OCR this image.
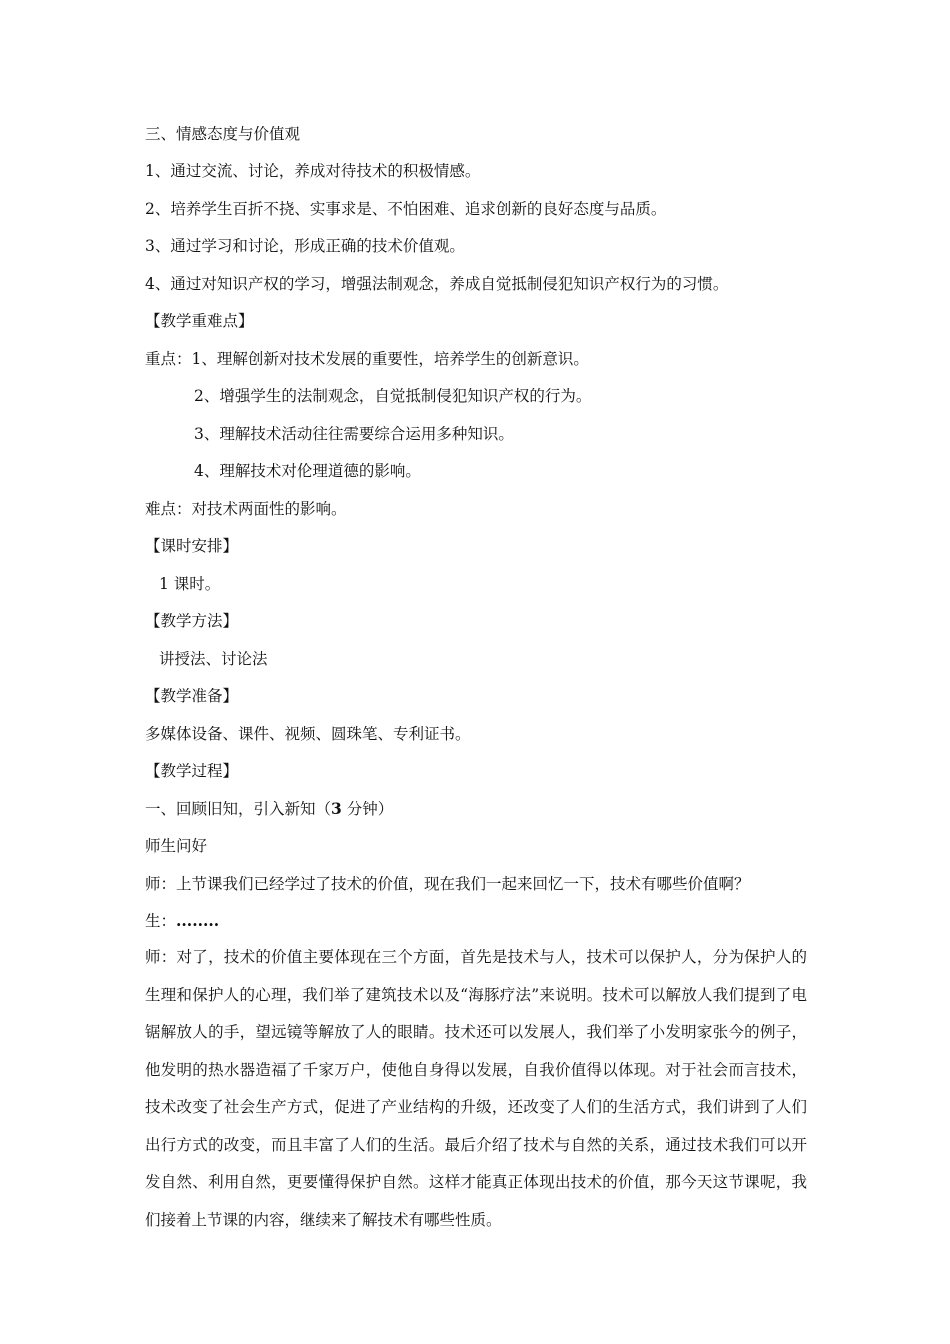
三、情感态度与价值观
1、通过交流、讨论，养成对待技术的积极情感。
2、培养学生百折不挠、实事求是、不怕困难、追求创新的良好态度与品质。
3、通过学习和讨论，形成正确的技术价值观。
4、通过对知识产权的学习，增强法制观念，养成自觉抵制侵犯知识产权行为的习惯。
【教学重难点】
重点：1、理解创新对技术发展的重要性，培养学生的创新意识。
2、增强学生的法制观念，自觉抵制侵犯知识产权的行为。
3、理解技术活动往往需要综合运用多种知识。
4、理解技术对伦理道德的影响。
难点：对技术两面性的影响。
【课时安排】
1 课时。
【教学方法】
讲授法、讨论法
【教学准备】
多媒体设备、课件、视频、圆珠笔、专利证书。
【教学过程】
一、回顾旧知，引入新知（3 分钟）
师生问好
师：上节课我们已经学过了技术的价值，现在我们一起来回忆一下，技术有哪些价值啊？
生：........

师：对了，技术的价值主要体现在三个方面，首先是技术与人，技术可以保护人，分为保护人的生理和保护人的心理，我们举了建筑技术以及“海豚疗法”来说明。技术可以解放人我们提到了电锯解放人的手，望远镜等解放了人的眼睛。技术还可以发展人，我们举了小发明家张今的例子，他发明的热水器造福了千家万户，使他自身得以发展，自我价值得以体现。对于社会而言技术，技术改变了社会生产方式，促进了产业结构的升级，还改变了人们的生活方式，我们讲到了人们出行方式的改变，而且丰富了人们的生活。最后介绍了技术与自然的关系，通过技术我们可以开发自然、利用自然，更要懂得保护自然。这样才能真正体现出技术的价值，那今天这节课呢，我们接着上节课的内容，继续来了解技术有哪些性质。
